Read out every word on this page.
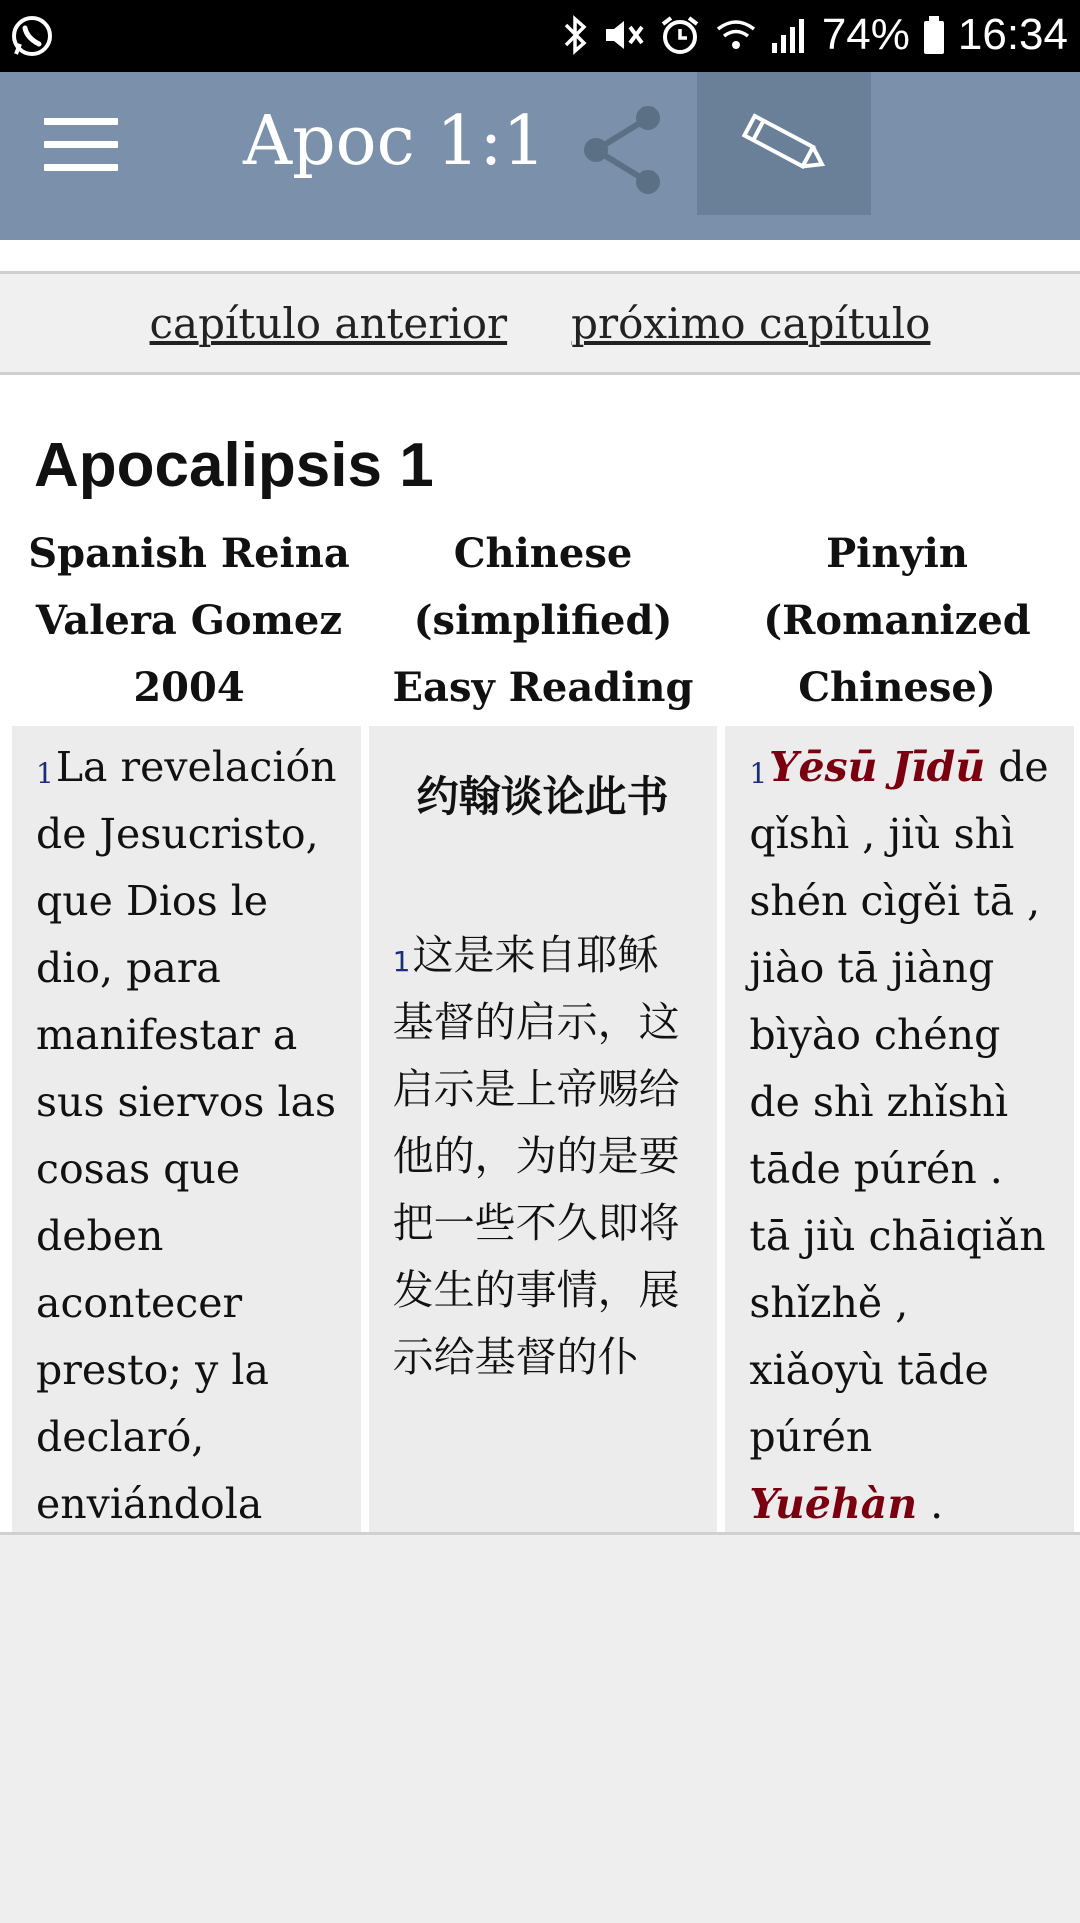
74% 16:34
Apoc 1:1
capítulo anterior próximo capítulo
Apocalipsis 1
Spanish Reina Valera Gomez 2004
Chinese (simplified) Easy Reading
Pinyin (Romanized Chinese)
$^1$La revelación de Jesucristo, que Dios le dio, para manifestar a sus siervos las cosas que deben acontecer presto; y la declaró, enviándola
约翰谈论此书
$^1$这是来自耶稣基督的启示，这启示是上帝赐给他的，为的是要把一些不久即将发生的事情，展示给基督的仆
$^1$Yēsū Jīdū de qǐshì , jiù shì shén cìgěi tā , jiào tā jiàng bìyào chéng de shì zhǐshì tāde púrén . tā jiù chāiqiǎn shǐzhě , xiǎoyù tāde púrén Yuēhàn .
